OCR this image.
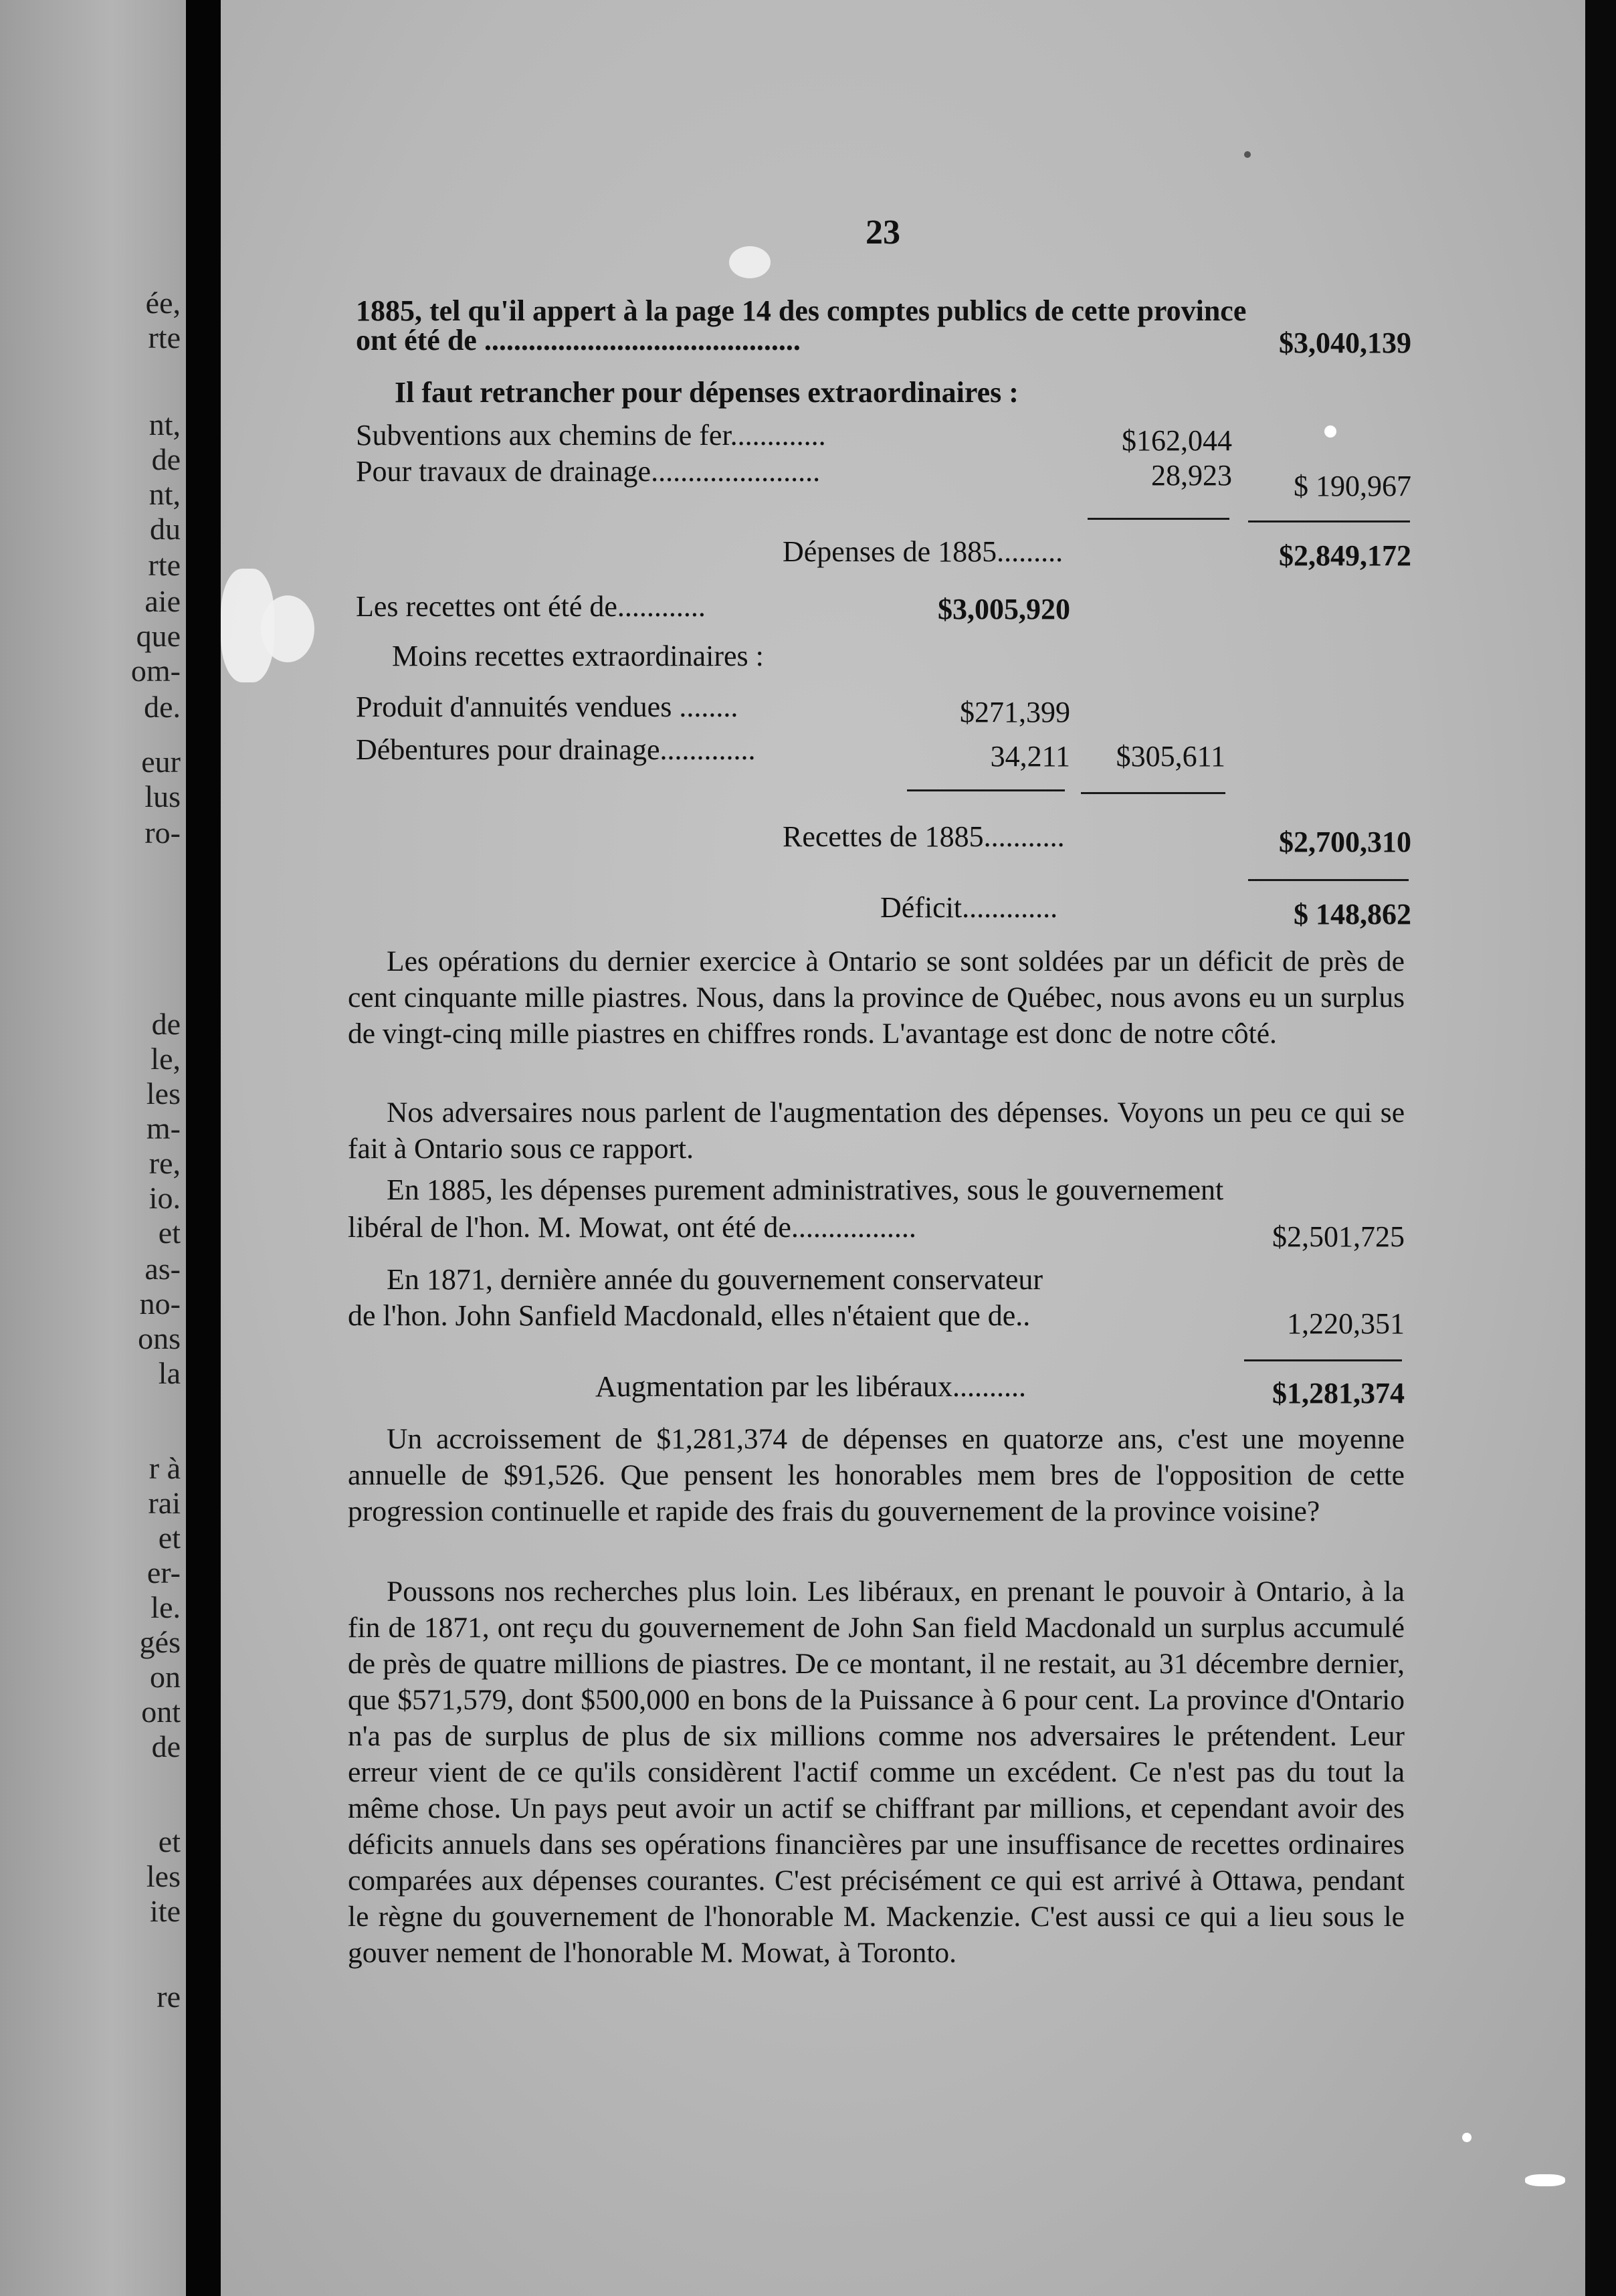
ée,
rte
nt,
de
nt,
du
rte
aie
que
om-
de.
eur
lus
ro-
de
le,
les
m-
re,
io.
et
as-
no-
ons
la
r à
rai
et
er-
le.
gés
on
ont
de
et
les
ite
re
23
1885, tel qu'il appert à la page 14 des comptes publics de cette province
ont été de ...........................................	$3,040,139
Il faut retrancher pour dépenses extraordinaires :
Subventions aux chemins de fer.............	$162,044
Pour travaux de drainage.......................	28,923	$ 190,967
Dépenses de 1885.........	$2,849,172
Les recettes ont été de............	$3,005,920
Moins recettes extraordinaires :
Produit d'annuités vendues ........	$271,399
Débentures pour drainage.............	34,211	$305,611
Recettes de 1885...........	$2,700,310
Déficit.............	$ 148,862
Les opérations du dernier exercice à Ontario se sont soldées par un déficit de près de cent cinquante mille piastres. Nous, dans la province de Québec, nous avons eu un surplus de vingt-cinq mille piastres en chiffres ronds. L'avantage est donc de notre côté.
Nos adversaires nous parlent de l'augmentation des dépenses. Voyons un peu ce qui se fait à Ontario sous ce rapport.
En 1885, les dépenses purement administratives, sous le gouvernement
libéral de l'hon. M. Mowat, ont été de.................	$2,501,725
En 1871, dernière année du gouvernement conservateur
de l'hon. John Sanfield Macdonald, elles n'étaient que de..	1,220,351
Augmentation par les libéraux..........	$1,281,374
Un accroissement de $1,281,374 de dépenses en quatorze ans, c'est une moyenne annuelle de $91,526. Que pensent les honorables mem bres de l'opposition de cette progression continuelle et rapide des frais du gouvernement de la province voisine?
Poussons nos recherches plus loin. Les libéraux, en prenant le pouvoir à Ontario, à la fin de 1871, ont reçu du gouvernement de John San field Macdonald un surplus accumulé de près de quatre millions de piastres. De ce montant, il ne restait, au 31 décembre dernier, que $571,579, dont $500,000 en bons de la Puissance à 6 pour cent. La province d'Ontario n'a pas de surplus de plus de six millions comme nos adversaires le prétendent. Leur erreur vient de ce qu'ils considèrent l'actif comme un excédent. Ce n'est pas du tout la même chose. Un pays peut avoir un actif se chiffrant par millions, et cependant avoir des déficits annuels dans ses opérations financières par une insuffisance de recettes ordinaires comparées aux dépenses courantes. C'est précisément ce qui est arrivé à Ottawa, pendant le règne du gouvernement de l'honorable M. Mackenzie. C'est aussi ce qui a lieu sous le gouver nement de l'honorable M. Mowat, à Toronto.
